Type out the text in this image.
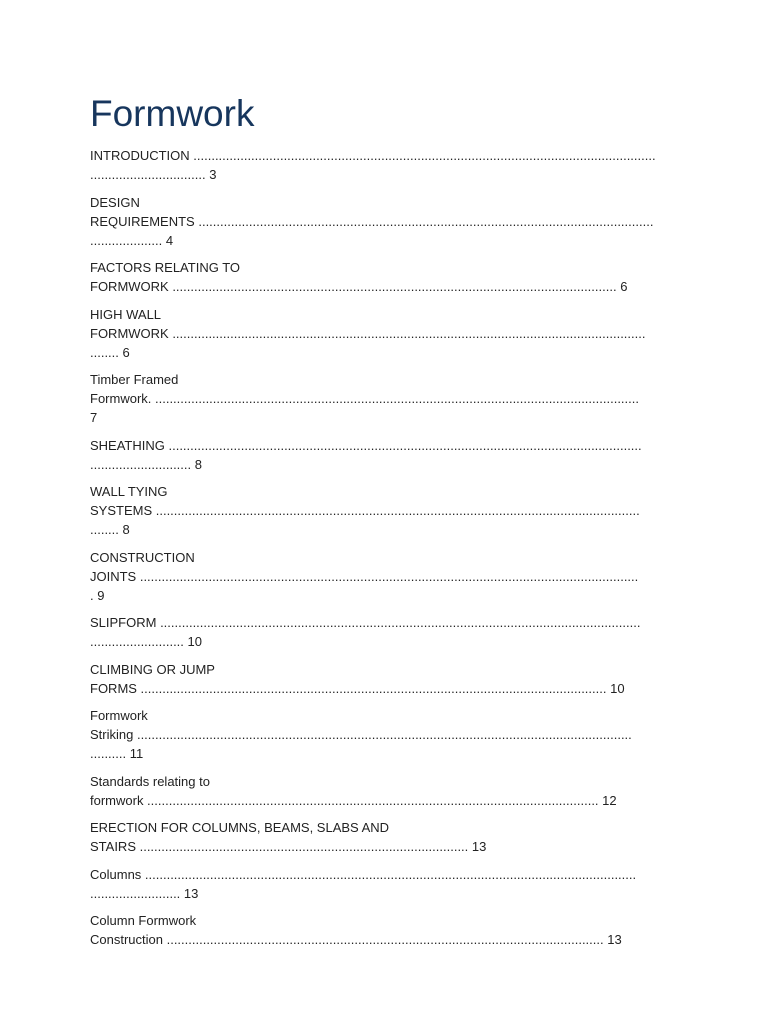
Formwork
INTRODUCTION ................................................................................................................................
................................ 3
DESIGN
REQUIREMENTS ..............................................................................................................................
.................... 4
FACTORS RELATING TO
FORMWORK ........................................................................................................................... 6
HIGH WALL
FORMWORK ...................................................................................................................................
........ 6
Timber Framed
Formwork. ......................................................................................................................................
7
SHEATHING ...................................................................................................................................
............................ 8
WALL TYING
SYSTEMS ......................................................................................................................................
........ 8
CONSTRUCTION
JOINTS ..........................................................................................................................................
. 9
SLIPFORM .....................................................................................................................................
.......................... 10
CLIMBING OR JUMP
FORMS ................................................................................................................................. 10
Formwork
Striking .........................................................................................................................................
.......... 11
Standards relating to
formwork ............................................................................................................................. 12
ERECTION FOR COLUMNS, BEAMS, SLABS AND
STAIRS ........................................................................................... 13
Columns ........................................................................................................................................
......................... 13
Column Formwork
Construction ......................................................................................................................... 13
